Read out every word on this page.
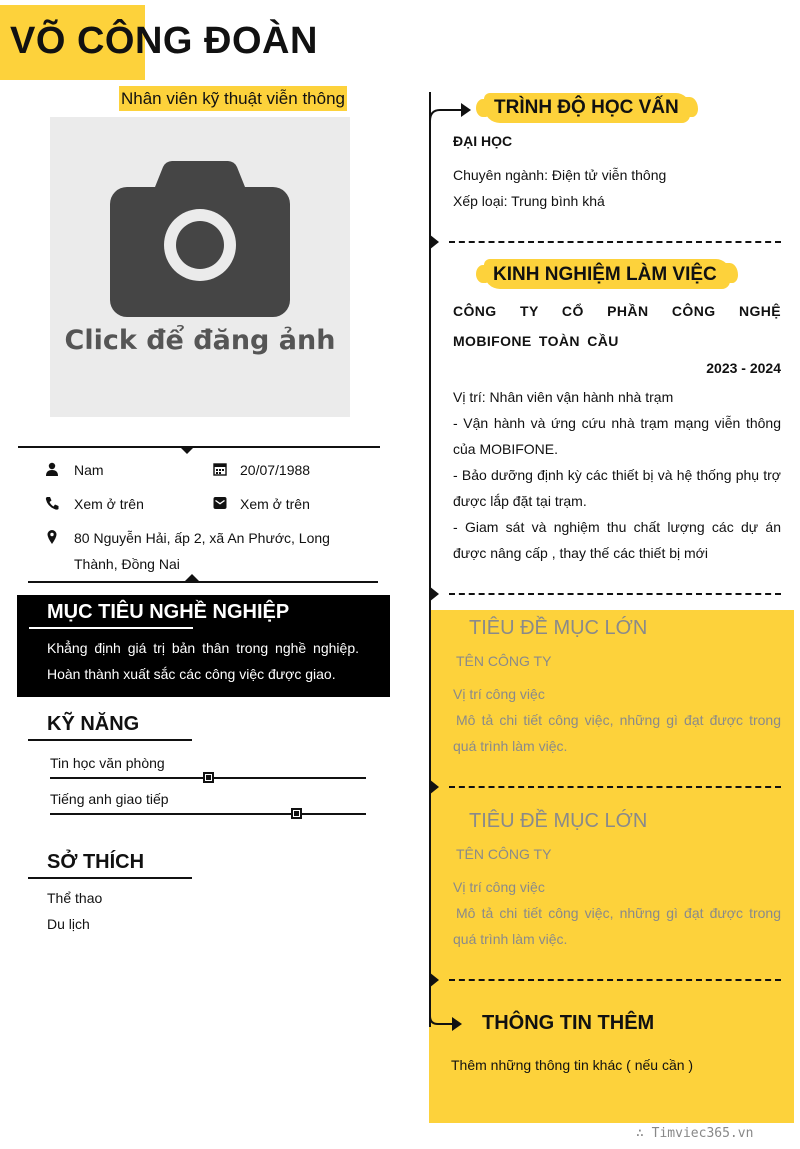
VÕ CÔNG ĐOÀN
Nhân viên kỹ thuật viễn thông
Click để đăng ảnh
Nam	20/07/1988
Xem ở trên	Xem ở trên
80 Nguyễn Hải, ấp 2, xã An Phước, Long Thành, Đồng Nai
MỤC TIÊU NGHỀ NGHIỆP
Khẳng định giá trị bản thân trong nghề nghiệp. Hoàn thành xuất sắc các công việc được giao.
KỸ NĂNG
Tin học văn phòng
Tiếng anh giao tiếp
SỞ THÍCH
Thể thao
Du lịch
TRÌNH ĐỘ HỌC VẤN
ĐẠI HỌC
Chuyên ngành: Điện tử viễn thông
Xếp loại: Trung bình khá
KINH NGHIỆM LÀM VIỆC
CÔNG TY CỔ PHẦN CÔNG NGHỆ MOBIFONE TOÀN CẦU
2023 - 2024
Vị trí: Nhân viên vận hành nhà trạm
- Vận hành và ứng cứu nhà trạm mạng viễn thông của MOBIFONE.
- Bảo dưỡng định kỳ các thiết bị và hệ thống phụ trợ được lắp đặt tại trạm.
- Giam sát và nghiệm thu chất lượng các dự án được nâng cấp , thay thế các thiết bị mới
TIÊU ĐỀ MỤC LỚN
TÊN CÔNG TY
Vị trí công việc
Mô tả chi tiết công việc, những gì đạt được trong quá trình làm việc.
TIÊU ĐỀ MỤC LỚN
TÊN CÔNG TY
Vị trí công việc
Mô tả chi tiết công việc, những gì đạt được trong quá trình làm việc.
THÔNG TIN THÊM
Thêm những thông tin khác ( nếu cần )
∴ Timviec365.vn
